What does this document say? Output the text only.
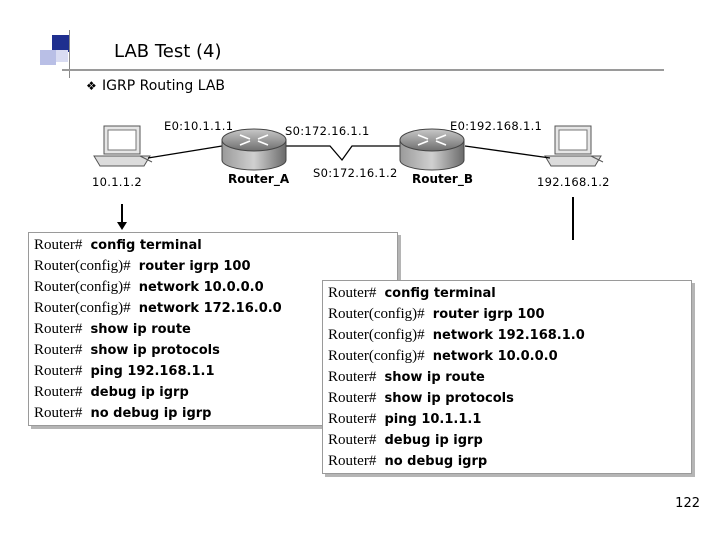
LAB Test (4)
❖ IGRP Routing LAB
E0:10.1.1.1	S0:172.16.1.1	E0:192.168.1.1
S0:172.16.1.2
10.1.1.2	192.168.1.2
Router_A	Router_B
Router# config terminal
Router(config)# router igrp 100
Router(config)# network 10.0.0.0
Router(config)# network 172.16.0.0
Router# show ip route
Router# show ip protocols
Router# ping 192.168.1.1
Router# debug ip igrp
Router# no debug ip igrp
Router# config terminal
Router(config)# router igrp 100
Router(config)# network 192.168.1.0
Router(config)# network 10.0.0.0
Router# show ip route
Router# show ip protocols
Router# ping 10.1.1.1
Router# debug ip igrp
Router# no debug igrp
122
